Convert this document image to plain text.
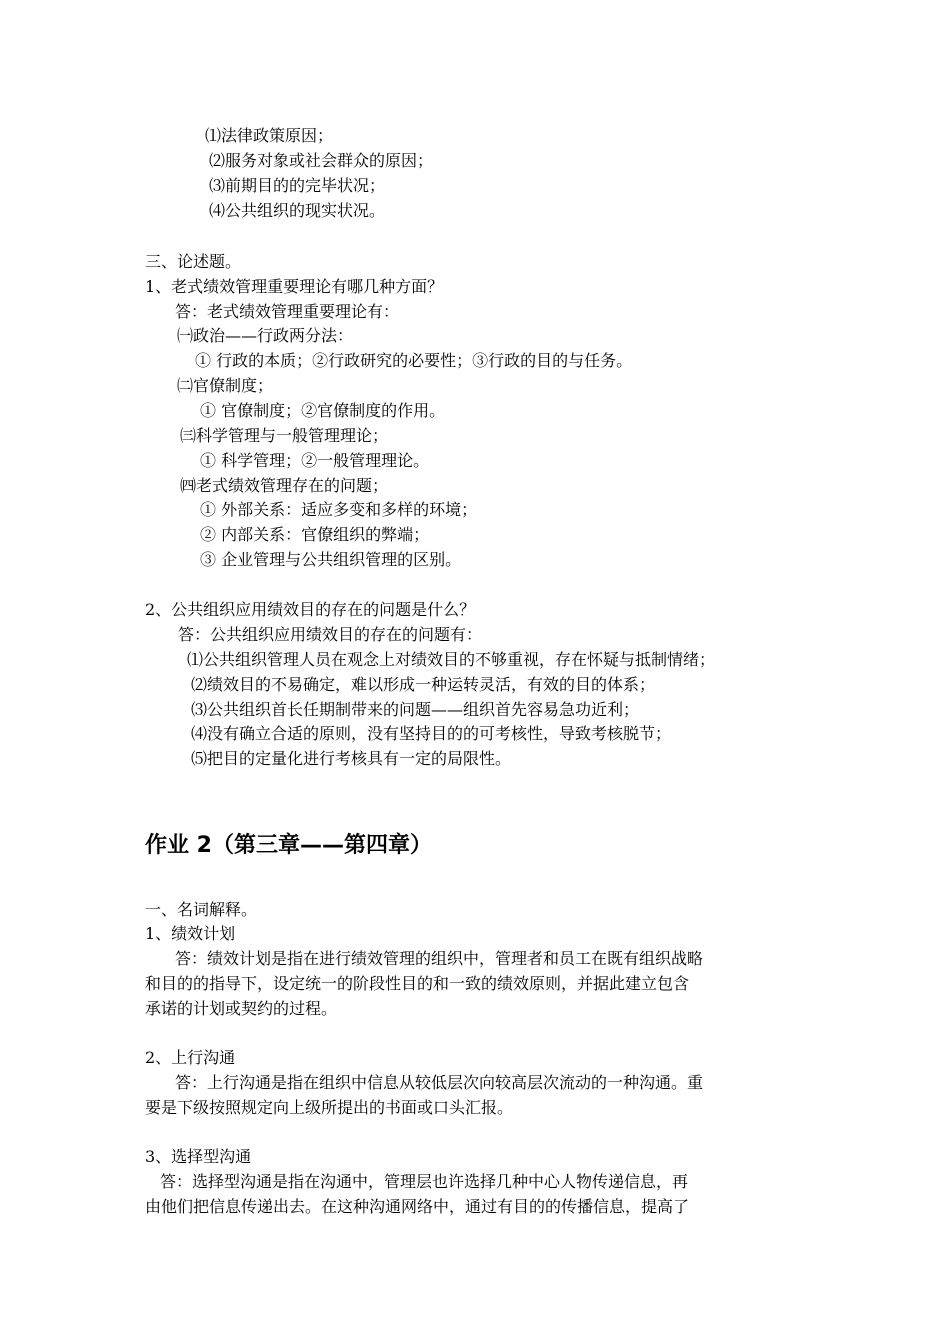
⑴法律政策原因；
⑵服务对象或社会群众的原因；
⑶前期目的的完毕状况；
⑷公共组织的现实状况。
三、论述题。
1、老式绩效管理重要理论有哪几种方面？
答：老式绩效管理重要理论有：
㈠政治——行政两分法：
① 行政的本质；②行政研究的必要性；③行政的目的与任务。
㈡官僚制度；
① 官僚制度；②官僚制度的作用。
㈢科学管理与一般管理理论；
① 科学管理；②一般管理理论。
㈣老式绩效管理存在的问题；
① 外部关系：适应多变和多样的环境；
② 内部关系：官僚组织的弊端；
③ 企业管理与公共组织管理的区别。
2、公共组织应用绩效目的存在的问题是什么？
答：公共组织应用绩效目的存在的问题有：
⑴公共组织管理人员在观念上对绩效目的不够重视，存在怀疑与抵制情绪；
⑵绩效目的不易确定，难以形成一种运转灵活，有效的目的体系；
⑶公共组织首长任期制带来的问题——组织首先容易急功近利；
⑷没有确立合适的原则，没有坚持目的的可考核性，导致考核脱节；
⑸把目的定量化进行考核具有一定的局限性。
作业 2（第三章——第四章）
一、名词解释。
1、绩效计划
答：绩效计划是指在进行绩效管理的组织中，管理者和员工在既有组织战略
和目的的指导下，设定统一的阶段性目的和一致的绩效原则，并据此建立包含
承诺的计划或契约的过程。
2、上行沟通
答：上行沟通是指在组织中信息从较低层次向较高层次流动的一种沟通。重
要是下级按照规定向上级所提出的书面或口头汇报。
3、选择型沟通
答：选择型沟通是指在沟通中，管理层也许选择几种中心人物传递信息，再
由他们把信息传递出去。在这种沟通网络中，通过有目的的传播信息，提高了
